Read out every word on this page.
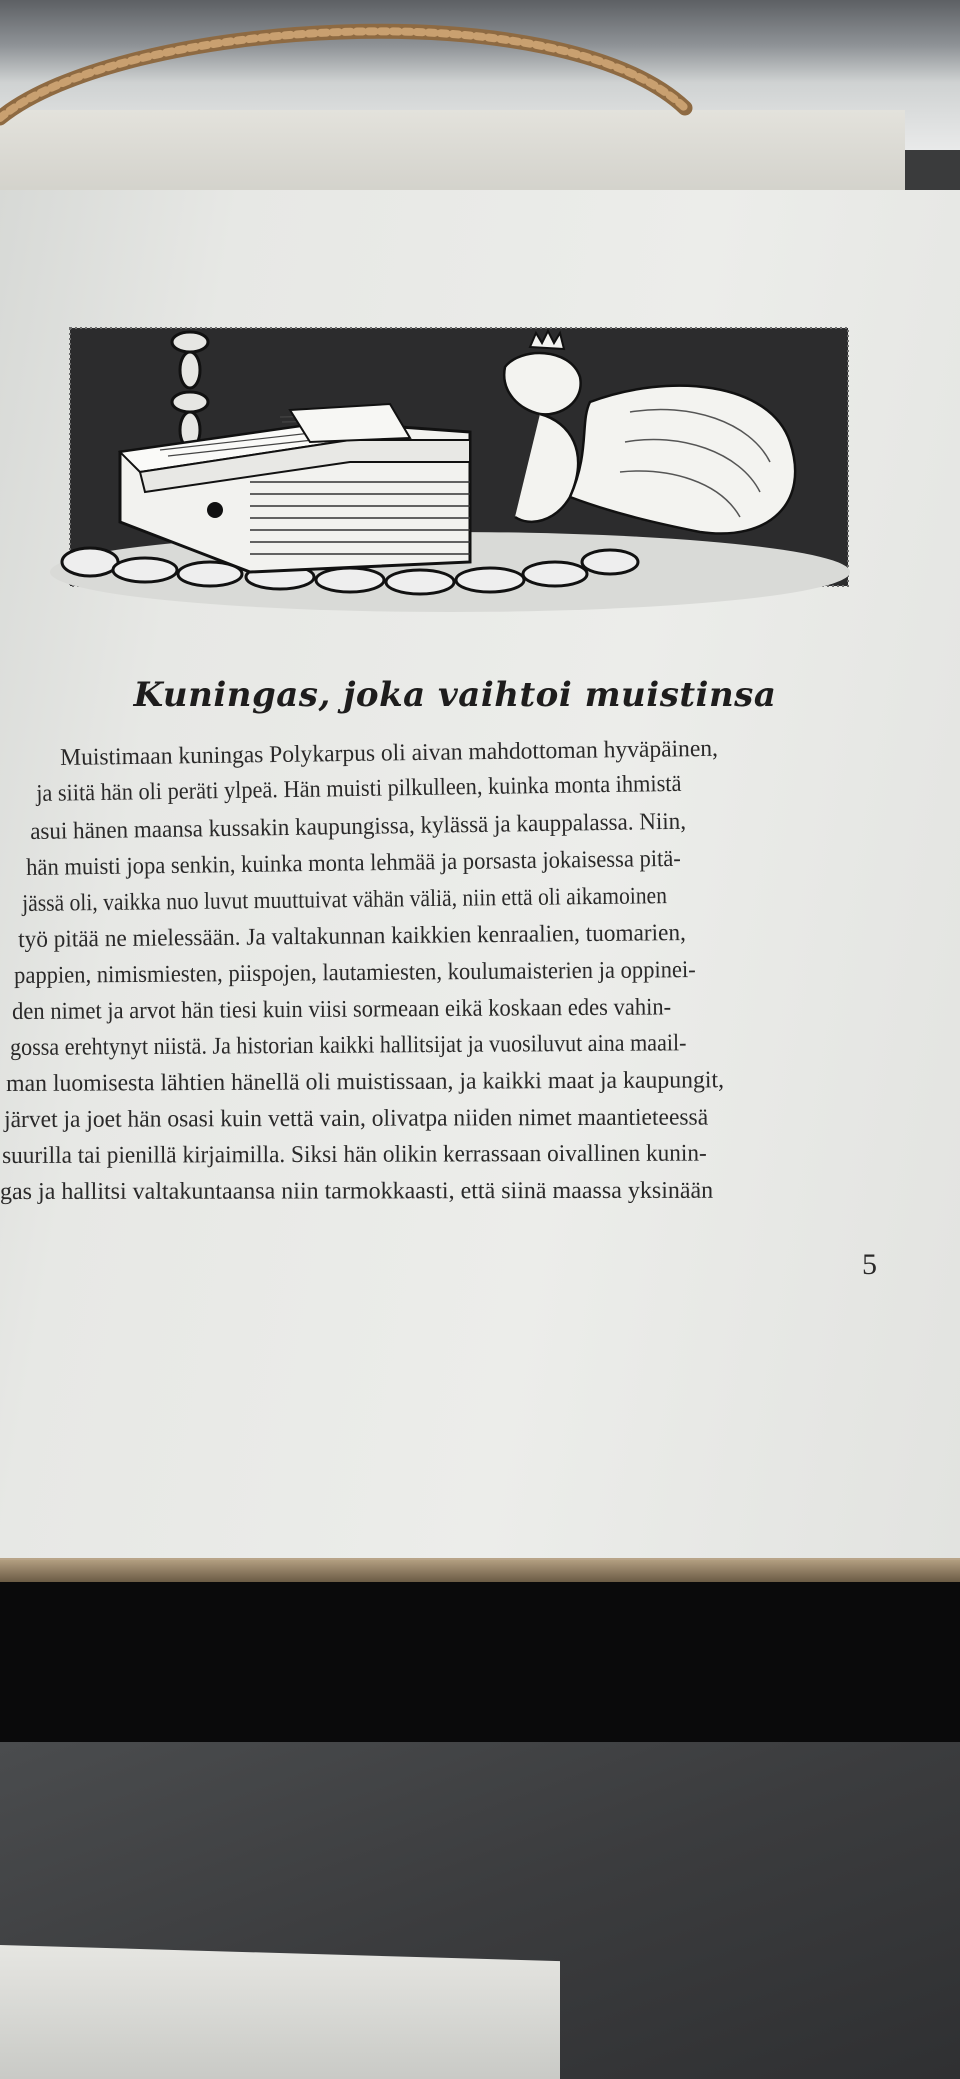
Kuningas, joka vaihtoi muistinsa
Muistimaan kuningas Polykarpus oli aivan mahdottoman hyväpäinen,
ja siitä hän oli peräti ylpeä. Hän muisti pilkulleen, kuinka monta ihmistä
asui hänen maansa kussakin kaupungissa, kylässä ja kauppalassa. Niin,
hän muisti jopa senkin, kuinka monta lehmää ja porsasta jokaisessa pitä-
jässä oli, vaikka nuo luvut muuttuivat vähän väliä, niin että oli aikamoinen
työ pitää ne mielessään. Ja valtakunnan kaikkien kenraalien, tuomarien,
pappien, nimismiesten, piispojen, lautamiesten, koulumaisterien ja oppinei-
den nimet ja arvot hän tiesi kuin viisi sormeaan eikä koskaan edes vahin-
gossa erehtynyt niistä. Ja historian kaikki hallitsijat ja vuosiluvut aina maail-
man luomisesta lähtien hänellä oli muistissaan, ja kaikki maat ja kaupungit,
järvet ja joet hän osasi kuin vettä vain, olivatpa niiden nimet maantieteessä
suurilla tai pienillä kirjaimilla. Siksi hän olikin kerrassaan oivallinen kunin-
gas ja hallitsi valtakuntaansa niin tarmokkaasti, että siinä maassa yksinään
5
